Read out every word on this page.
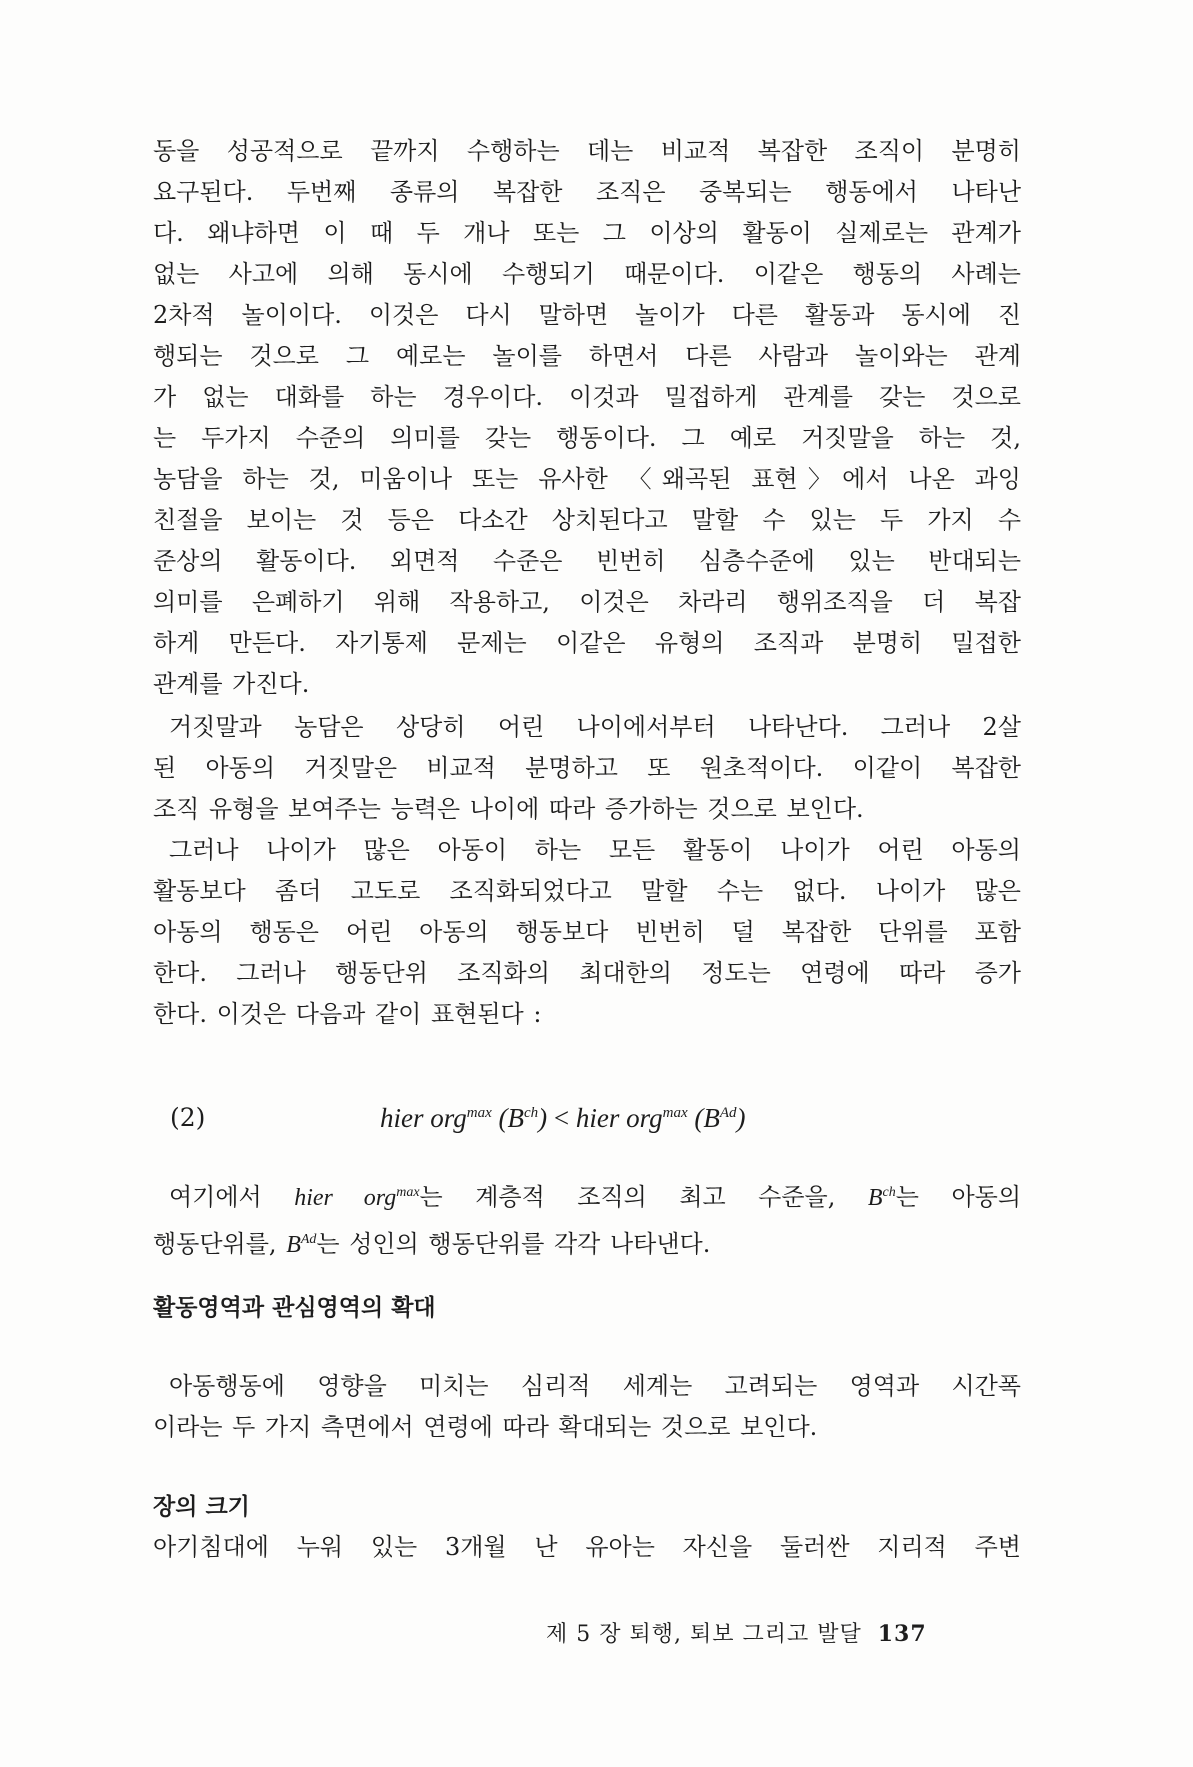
동을 성공적으로 끝까지 수행하는 데는 비교적 복잡한 조직이 분명히

요구된다. 두번째 종류의 복잡한 조직은 중복되는 행동에서 나타난

다. 왜냐하면 이 때 두 개나 또는 그 이상의 활동이 실제로는 관계가

없는 사고에 의해 동시에 수행되기 때문이다. 이같은 행동의 사례는

2차적 놀이이다. 이것은 다시 말하면 놀이가 다른 활동과 동시에 진

행되는 것으로 그 예로는 놀이를 하면서 다른 사람과 놀이와는 관계

가 없는 대화를 하는 경우이다. 이것과 밀접하게 관계를 갖는 것으로

는 두가지 수준의 의미를 갖는 행동이다. 그 예로 거짓말을 하는 것,

농담을 하는 것, 미움이나 또는 유사한 〈왜곡된 표현〉에서 나온 과잉

친절을 보이는 것 등은 다소간 상치된다고 말할 수 있는 두 가지 수

준상의 활동이다. 외면적 수준은 빈번히 심층수준에 있는 반대되는

의미를 은폐하기 위해 작용하고, 이것은 차라리 행위조직을 더 복잡

하게 만든다. 자기통제 문제는 이같은 유형의 조직과 분명히 밀접한

관계를 가진다.

거짓말과 농담은 상당히 어린 나이에서부터 나타난다. 그러나 2살

된 아동의 거짓말은 비교적 분명하고 또 원초적이다. 이같이 복잡한

조직 유형을 보여주는 능력은 나이에 따라 증가하는 것으로 보인다.

그러나 나이가 많은 아동이 하는 모든 활동이 나이가 어린 아동의

활동보다 좀더 고도로 조직화되었다고 말할 수는 없다. 나이가 많은

아동의 행동은 어린 아동의 행동보다 빈번히 덜 복잡한 단위를 포함

한다. 그러나 행동단위 조직화의 최대한의 정도는 연령에 따라 증가

한다. 이것은 다음과 같이 표현된다 :

(2)	hier org$^{max}$ $(B^{ch})$ < hier org$^{max}$ $(B^{Ad})$

여기에서 hier org$^{max}$는 계층적 조직의 최고 수준을, $B^{ch}$는 아동의

행동단위를, $B^{Ad}$는 성인의 행동단위를 각각 나타낸다.

활동영역과 관심영역의 확대

아동행동에 영향을 미치는 심리적 세계는 고려되는 영역과 시간폭

이라는 두 가지 측면에서 연령에 따라 확대되는 것으로 보인다.

장의 크기

아기침대에 누워 있는 3개월 난 유아는 자신을 둘러싼 지리적 주변

제 5 장 퇴행, 퇴보 그리고 발달 137
